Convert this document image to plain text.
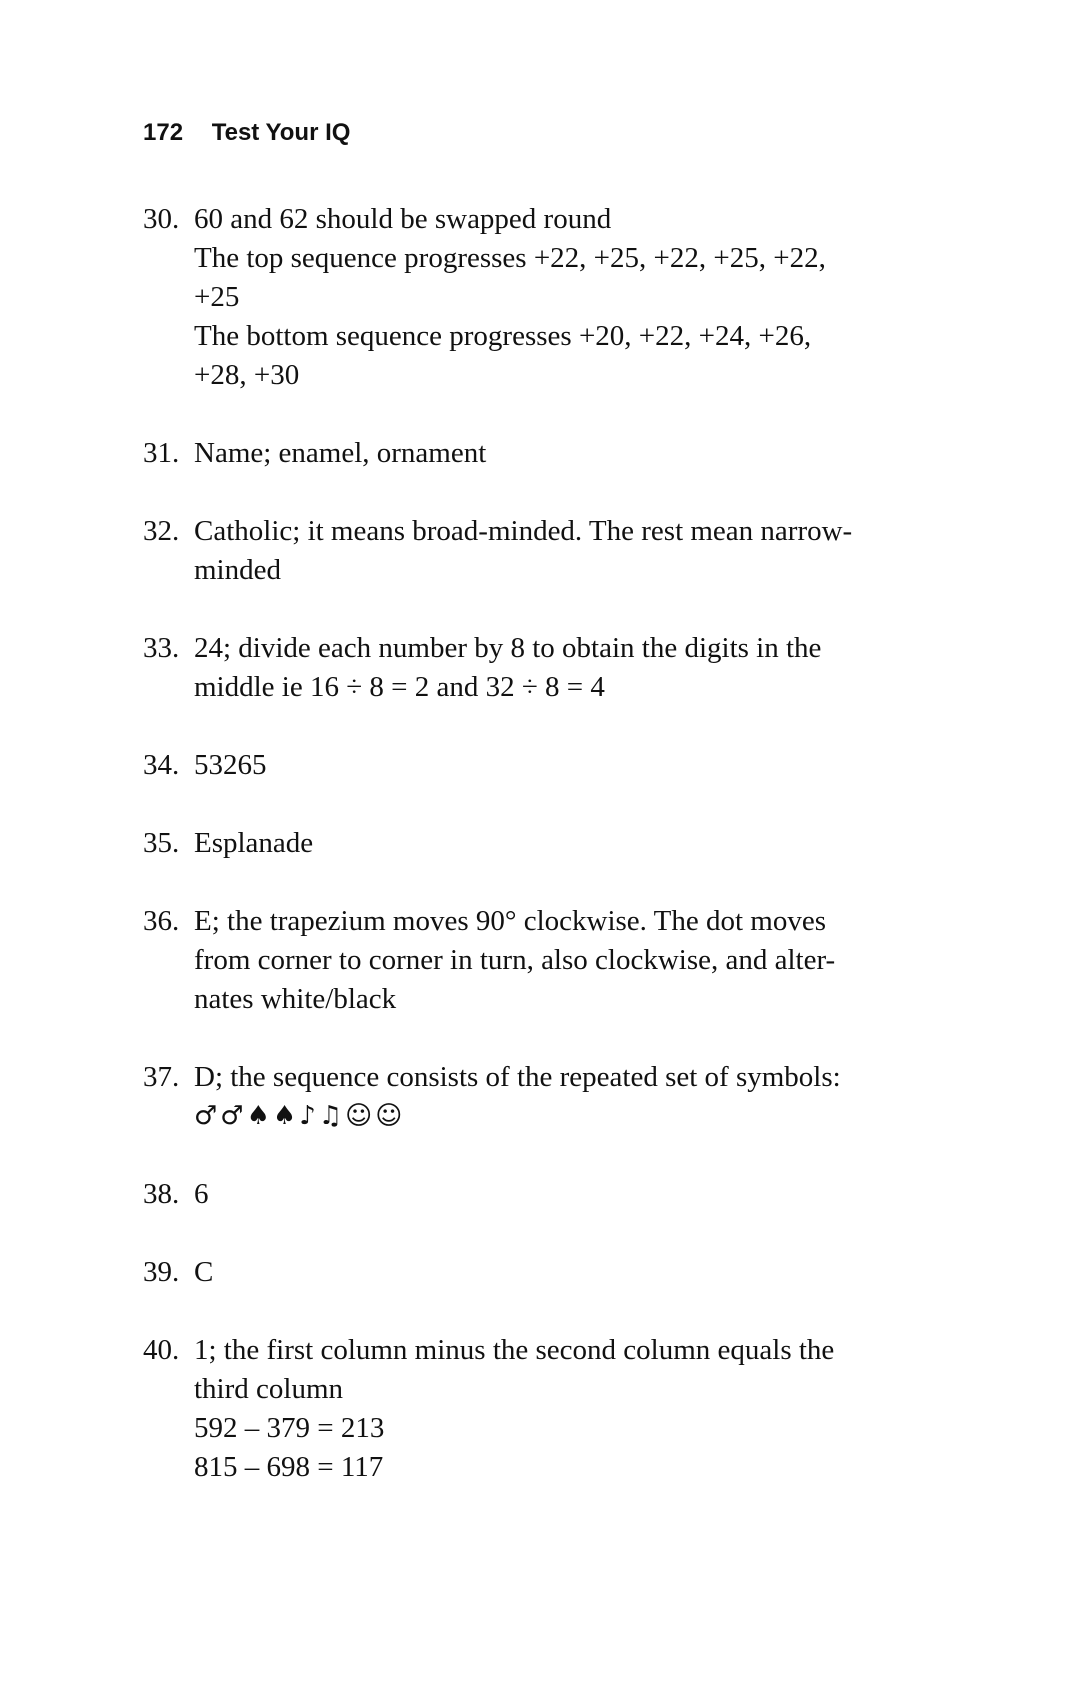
172 Test Your IQ
30. 60 and 62 should be swapped round
The top sequence progresses +22, +25, +22, +25, +22,
+25
The bottom sequence progresses +20, +22, +24, +26,
+28, +30
31. Name; enamel, ornament
32. Catholic; it means broad-minded. The rest mean narrow-
minded
33. 24; divide each number by 8 to obtain the digits in the
middle ie 16 ÷ 8 = 2 and 32 ÷ 8 = 4
34. 53265
35. Esplanade
36. E; the trapezium moves 90° clockwise. The dot moves
from corner to corner in turn, also clockwise, and alter-
nates white/black
37. D; the sequence consists of the repeated set of symbols:
♂♂♠♠♪♫☺☺
38. 6
39. C
40. 1; the first column minus the second column equals the
third column
592 – 379 = 213
815 – 698 = 117
